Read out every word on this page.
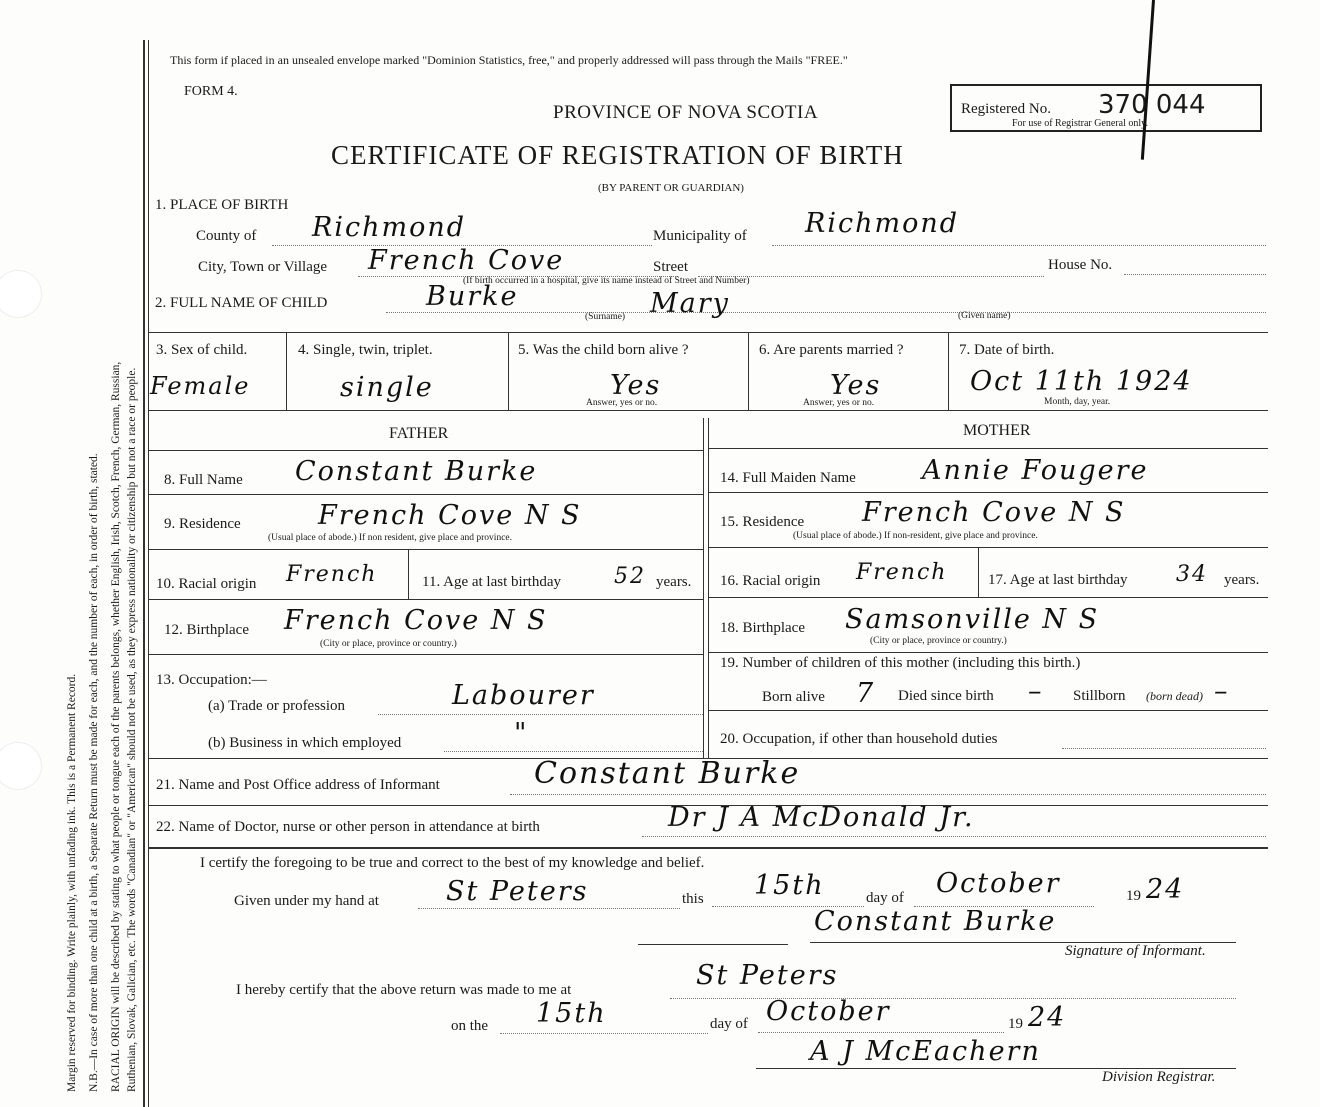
Margin reserved for binding. Write plainly, with unfading ink. This is a Permanent Record. N.B.—In case of more than one child at a birth, a Separate Return must be made for each, and the number of each, in order of birth, stated. RACIAL ORIGIN will be described by stating to what people or tongue each of the parents belongs, whether English, Irish, Scotch, French, German, Russian, Ruthenian, Slovak, Galician, etc. The words "Canadian" or "American" should not be used, as they express nationality or citizenship but not a race or people.
This form if placed in an unsealed envelope marked "Dominion Statistics, free," and properly addressed will pass through the Mails "FREE."
FORM 4.
PROVINCE OF NOVA SCOTIA
CERTIFICATE OF REGISTRATION OF BIRTH
(BY PARENT OR GUARDIAN)
Registered No. 370 044
For use of Registrar General only.
1. PLACE OF BIRTH
County of Richmond	Municipality of Richmond
City, Town or Village French Cove	Street	House No.
(If birth occurred in a hospital, give its name instead of Street and Number)
2. FULL NAME OF CHILD	Burke	Mary
(Surname)	(Given name)
3. Sex of child.
Female
4. Single, twin, triplet.
single
5. Was the child born alive ?
Yes
Answer, yes or no.
6. Are parents married ?
Yes
Answer, yes or no.
7. Date of birth.
Oct 11th 1924
Month, day, year.
FATHER	MOTHER
8. Full Name Constant Burke
9. Residence	French Cove N S
(Usual place of abode.) If non resident, give place and province.
10. Racial origin French	11. Age at last birthday 52 years.
12. Birthplace French Cove N S
(City or place, province or country.)
13. Occupation:—
(a) Trade or profession	Labourer
(b) Business in which employed	"
14. Full Maiden Name Annie Fougere
15. Residence French Cove N S
(Usual place of abode.) If non-resident, give place and province.
16. Racial origin French	17. Age at last birthday 34 years.
18. Birthplace Samsonville N S
(City or place, province or country.)
19. Number of children of this mother (including this birth.)
Born alive 7 Died since birth – Stillborn (born dead) –
20. Occupation, if other than household duties
21. Name and Post Office address of Informant	Constant Burke
22. Name of Doctor, nurse or other person in attendance at birth	Dr J A McDonald Jr.
I certify the foregoing to be true and correct to the best of my knowledge and belief.
Given under my hand at St Peters	this 15th	day of October	19 24
Constant Burke
Signature of Informant.
I hereby certify that the above return was made to me at	St Peters
on the 15th	day of October	19 24
A J McEachern
Division Registrar.
